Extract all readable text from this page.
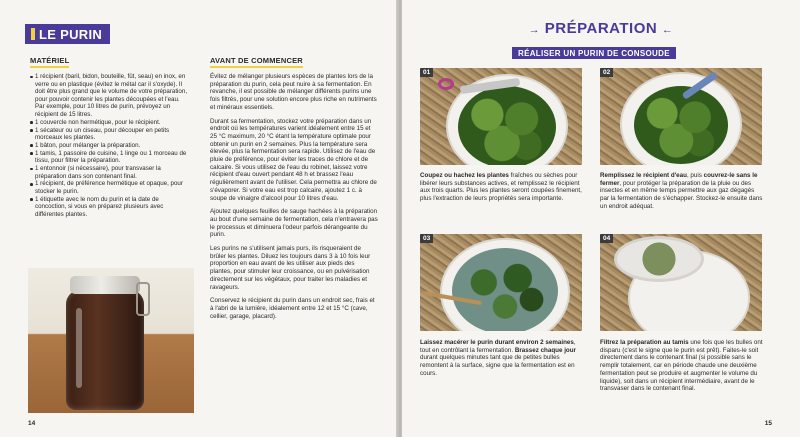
LE PURIN
MATÉRIEL
1 récipient (baril, bidon, bouteille, fût, seau) en inox, en verre ou en plastique (évitez le métal car il s'oxyde). Il doit être plus grand que le volume de votre préparation, pour pouvoir contenir les plantes découpées et l'eau. Par exemple, pour 10 litres de purin, prévoyez un récipient de 15 litres.
1 couvercle non hermétique, pour le récipient.
1 sécateur ou un ciseau, pour découper en petits morceaux les plantes.
1 bâton, pour mélanger la préparation.
1 tamis, 1 passoire de cuisine, 1 linge ou 1 morceau de tissu, pour filtrer la préparation.
1 entonnoir (si nécessaire), pour transvaser la préparation dans son contenant final.
1 récipient, de préférence hermétique et opaque, pour stocker le purin.
1 étiquette avec le nom du purin et la date de concoction, si vous en préparez plusieurs avec différentes plantes.
AVANT DE COMMENCER

Évitez de mélanger plusieurs espèces de plantes lors de la préparation du purin, cela peut nuire à sa fermentation. En revanche, il est possible de mélanger différents purins une fois filtrés, pour une solution encore plus riche en nutriments et minéraux essentiels.

Durant sa fermentation, stockez votre préparation dans un endroit où les températures varient idéalement entre 15 et 25 °C maximum, 20 °C étant la température optimale pour obtenir un purin en 2 semaines. Plus la température sera élevée, plus la fermentation sera rapide. Utilisez de l'eau de pluie de préférence, pour éviter les traces de chlore et de calcaire. Si vous utilisez de l'eau du robinet, laissez votre récipient d'eau ouvert pendant 48 h et brassez l'eau régulièrement avant de l'utiliser. Cela permettra au chlore de s'évaporer. Si votre eau est trop calcaire, ajoutez 1 c. à soupe de vinaigre d'alcool pour 10 litres d'eau.

Ajoutez quelques feuilles de sauge hachées à la préparation au bout d'une semaine de fermentation, cela n'entravera pas le processus et diminuera l'odeur parfois dérangeante du purin.

Les purins ne s'utilisent jamais purs, ils risqueraient de brûler les plantes. Diluez les toujours dans 3 à 10 fois leur proportion en eau avant de les utiliser aux pieds des plantes, pour stimuler leur croissance, ou en pulvérisation directement sur les végétaux, pour traiter les maladies et ravageurs.

Conservez le récipient du purin dans un endroit sec, frais et à l'abri de la lumière, idéalement entre 12 et 15 °C (cave, cellier, garage, placard).

14
→ PRÉPARATION ←
RÉALISER UN PURIN DE CONSOUDE
01
Coupez ou hachez les plantes fraîches ou sèches pour libérer leurs substances actives, et remplissez le récipient aux trois quarts. Plus les plantes seront coupées finement, plus l'extraction de leurs propriétés sera importante.
02
Remplissez le récipient d'eau, puis couvrez-le sans le fermer, pour protéger la préparation de la pluie ou des insectes et en même temps permettre aux gaz dégagés par la fermentation de s'échapper. Stockez-le ensuite dans un endroit adéquat.
03
Laissez macérer le purin durant environ 2 semaines, tout en contrôlant la fermentation. Brassez chaque jour durant quelques minutes tant que de petites bulles remontent à la surface, signe que la fermentation est en cours.
04
Filtrez la préparation au tamis une fois que les bulles ont disparu (c'est le signe que le purin est prêt). Faites-le soit directement dans le contenant final (si possible sans le remplir totalement, car en période chaude une deuxième fermentation peut se produire et augmenter le volume du liquide), soit dans un récipient intermédiaire, avant de le transvaser dans le contenant final.
15
